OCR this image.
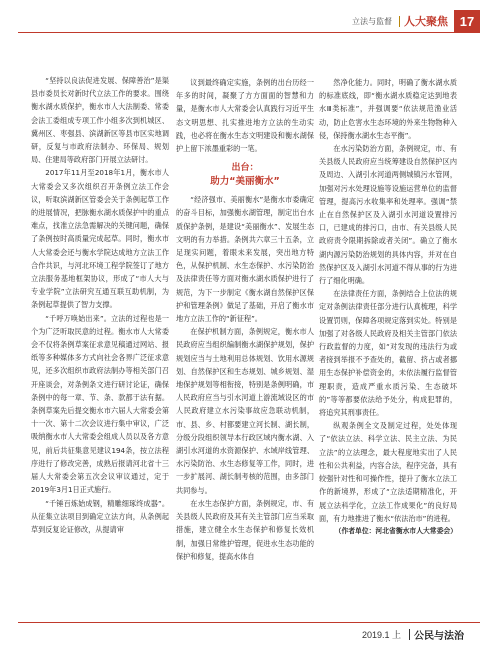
立法与监督 人大聚焦 17

“坚持以良法促进发展、保障善治”是渠县市委员长对新时代立法工作的要求。围绕衡水湖水质保护，衡水市人大法制委、常委会法工委组成专项工作小组多次到机城区、冀州区、枣强县、滨湖新区等县市区实地调研，反复与市政府法制办、环保局、规划局、住建局等政府部门开展立法研讨。

2017年11月至2018年1月，衡水市人大常委会又多次组织召开条例立法工作会议，听取滨湖新区管委会关于条例起草工作的进展情况，把脉衡水湖水质保护中的重点难点，找准立法急需解决的关键问题，确保了条例按时高质量完成起草。同时，衡水市人大常委会还与衡水学院达成地方立法工作合作共识，与河北环境工程学院签订了地方立法服务基地框架协议，形成了“市人大与专业学院”立法研究互通互联互助机制，为条例起草提供了智力支撑。

“千呼万唤始出来”。立法的过程也是一个为广泛听取民意的过程。衡水市人大常委会不仅将条例草案征求意见稿通过网站、报纸等多种媒体多方式向社会各界广泛征求意见，还多次组织市政府法制办等相关部门召开座谈会，对条例条文进行研讨论证，确保条例中的每一章、节、条、款都于法有据。条例草案先后提交衡水市六届人大常委会第十一次、第十二次会议进行集中审议，广泛吸纳衡水市人大常委会组成人员以及各方意见，前后共征集意见建议194条，按立法程序进行了修改完善，成熟后报请河北省十三届人大常委会第五次会议审议通过，定于2019年3月1日正式施行。

“千锤百炼始成钢，精雕细琢终成器”。从征集立法项目到确定立法方向，从条例起草到反复论证修改，从提请审

议到最终确定实施，条例的出台历经一年多的时间，凝聚了方方面面的智慧和力量，是衡水市人大常委会认真践行习近平生态文明思想、扎实推进地方立法的生动实践，也必将在衡水生态文明建设和衡水湖保护上留下浓墨重彩的一笔。

出台：
助力“美丽衡水”

“经济强市、美丽衡水”是衡水市委确定的奋斗目标，加强衡水湖管理，制定出台水质保护条例，是建设“美丽衡水”、发展生态文明的有力举措。条例共六章三十五条，立足现实问题，着眼未来发展，突出地方特色，从保护机制、水生态保护、水污染防治及法律责任等方面对衡水湖水质保护进行了规范，为下一步制定《衡水湖自然保护区保护和管理条例》做足了基础，开启了衡水市地方立法工作的“新征程”。

在保护机制方面，条例规定，衡水市人民政府应当组织编制衡水湖保护规划，保护规划应当与土地利用总体规划、饮用水源规划、自然保护区和生态规划、城乡规划、湿地保护规划等相衔接，特别是条例明确，市人民政府应当与引水河道上游流域设区的市人民政府建立水污染事故应急联动机制，市、县、乡、村都要建立河长制、湖长制，分级分段组织领导本行政区域内衡水湖、入湖引水河道的水资源保护、水域岸线管理、水污染防治、水生态修复等工作，同时，进一步扩展河、湖长制考核的范围，由多部门共同参与。

在水生态保护方面，条例规定，市、有关县级人民政府及其有关主管部门应当采取措施，建立健全水生态保护和修复长效机制，加强日常维护管理，促进水生态功能的保护和修复，提高水体自

然净化能力。同时，明确了衡水湖水质的标准底线，即“衡水湖水质稳定达到地表水Ⅲ类标准”，并强调要“依法规范渔业活动，防止危害水生态环境的外来生物物种入侵，保持衡水湖水生态平衡”。

在水污染防治方面，条例规定，市、有关县级人民政府应当统筹建设自然保护区内及周边、入湖引水河道两侧城镇污水管网，加强对污水处理设施等设施运营单位的监督管理，提高污水收集率和处理率。强调“禁止在自然保护区及入湖引水河道设置排污口，已建成的排污口，由市、有关县级人民政府责令限期拆除或者关闭”。确立了衡水湖内源污染防治规划的具体内容，并对在自然保护区及入湖引水河道不得从事的行为进行了细化明确。

在法律责任方面，条例结合上位法的规定对条例法律责任部分进行认真梳理，科学设置罚则，保障各项规定落到实处。特别是加强了对各级人民政府及相关主管部门依法行政监督的力度，如“对发现的违法行为或者接到举报不予查处的，截留、挤占或者挪用生态保护补偿资金的，未依法履行监督管理职责，造成严重水质污染、生态破坏的”等等都要依法给予处分，构成犯罪的，将追究其刑事责任。

纵观条例全文及制定过程，处处体现了“依法立法、科学立法、民主立法、为民立法”的立法理念，最大程度地实出了人民性和公共利益，内容合法，程序完备，具有较强针对性和可操作性，提升了衡水立法工作的新境界，形成了“立法适期精准化，开展立法科学化，立法工作成果化”的良好局面，有力地推进了衡水“依法治市”的进程。

（作者单位：河北省衡水市人大常委会）

2019.1 上 公民与法治
